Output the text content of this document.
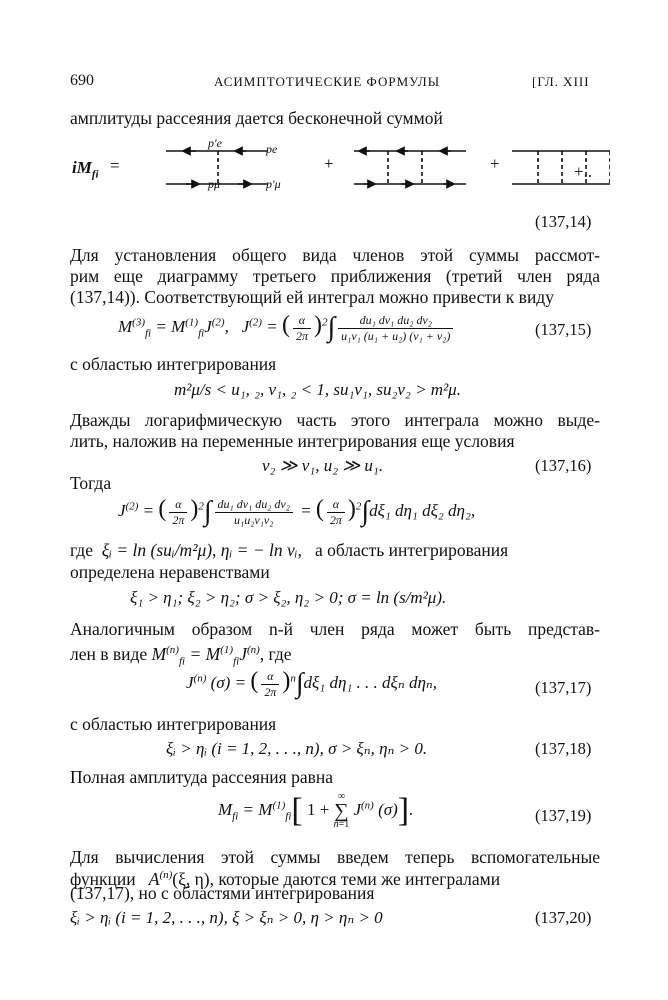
690	АСИМПТОТИЧЕСКИЕ ФОРМУЛЫ	[ГЛ. XIII
амплитуды рассеяния дается бесконечной суммой
$iM_{fi}$ =
p′e	pe
pμ	p′μ
+	+	+..
(137,14)
Для установления общего вида членов этой суммы рассмот-
рим еще диаграмму третьего приближения (третий член ряда
(137,14)). Соответствующий ей интеграл можно привести к виду
$M^{(3)}_{fi} = M^{(1)}_{fi}J^{(2)}$,   $J^{(2)}$ = ( $\frac{\alpha}{2\pi} )^2\int \frac{\text{du₁ dv₁ du₂ dv₂}}{\text{u₁v₁ (u₁ + u₂) (v₁ + v₂)}}$	(137,15)
с областью интегрирования
m²μ/s < u₁, ₂, v₁, ₂ < 1, su₁v₁, su₂v₂ > m²μ.
Дважды логарифмическую часть этого интеграла можно выде-
лить, наложив на переменные интегрирования еще условия
v₂ ≫ v₁, u₂ ≫ u₁.	(137,16)
Тогда
$J^{(2)}$ = ( $\frac{\alpha}{2\pi} )^2\int \frac{\text{du₁ dv₁ du₂ dv₂}}{\text{u₁u₂v₁v₂}}$ = ( $\frac{\alpha}{2\pi} )^2\int d\xi_1$ dη₁ dξ₂ dη₂,
где ξᵢ = ln (suᵢ/m²μ), ηᵢ = − ln vᵢ, а область интегрирования
определена неравенствами
ξ₁ > η₁; ξ₂ > η₂; σ > ξ₂, η₂ > 0; σ = ln (s/m²μ).
Аналогичным образом n-й член ряда может быть представ-
лен в виде $M^{(n)}_{fi} = M^{(1)}_{fi}J^{(n)}$, где
$J^{(n)}$ (σ) = ( $\frac{\alpha}{2\pi} )^n\int d\xi_1$ dη₁ . . . dξₙ dηₙ,	(137,17)
с областью интегрирования
ξᵢ > ηᵢ (i = 1, 2, . . ., n), σ > ξₙ, ηₙ > 0.	(137,18)
Полная амплитуда рассеяния равна
$M_{fi} = M^{(1)}_{fi}$[ 1 +
∞
∑
n=1
$J^{(n)}$ (σ)].	(137,19)
Для вычисления этой суммы введем теперь вспомогательные
функции $A^{(n)}(\xi$, η), которые даются теми же интегралами
(137,17), но с областями интегрирования
ξᵢ > ηᵢ (i = 1, 2, . . ., n), ξ > ξₙ > 0, η > ηₙ > 0	(137,20)
